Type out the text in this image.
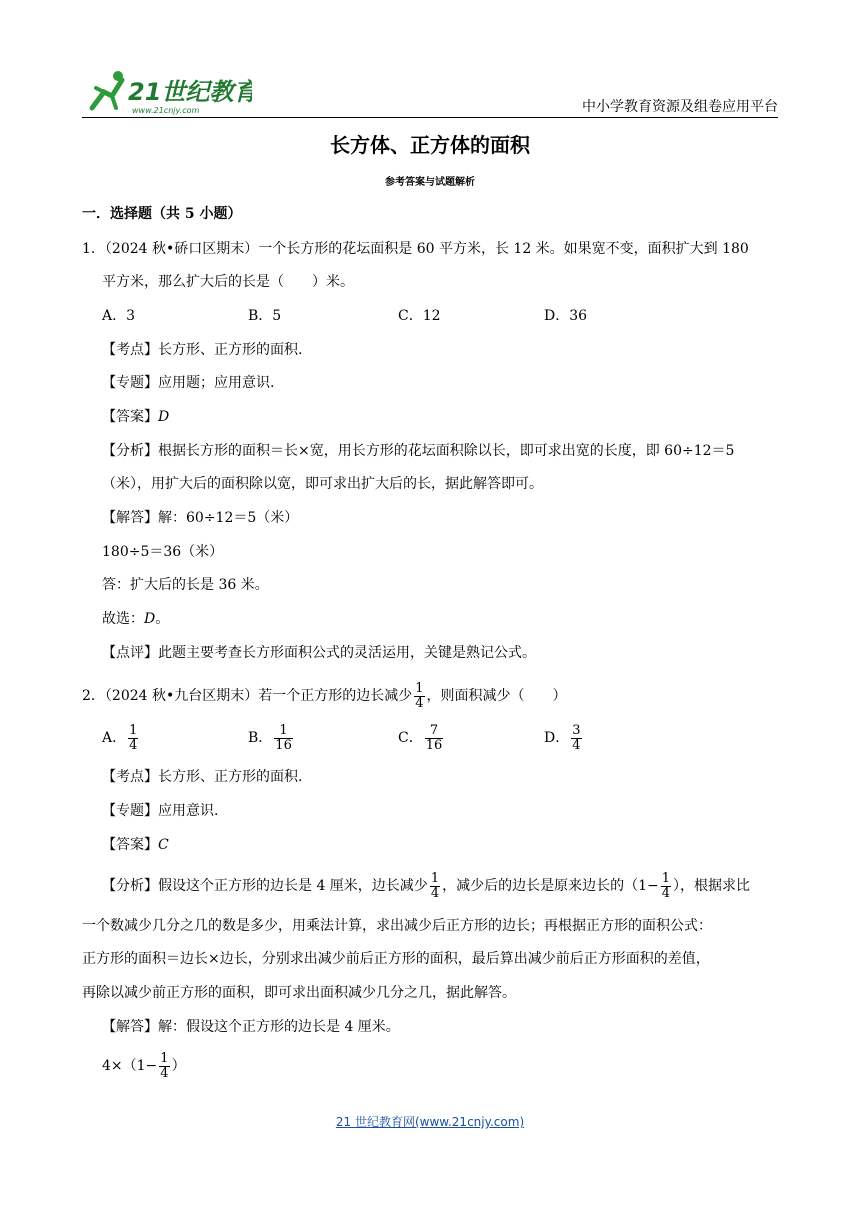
21世纪教育
www.21cnjy.com	中小学教育资源及组卷应用平台
长方体、正方体的面积
参考答案与试题解析
一．选择题（共 5 小题）
1．（2024 秋•硚口区期末）一个长方形的花坛面积是 60 平方米，长 12 米。如果宽不变，面积扩大到 180
平方米，那么扩大后的长是（　　）米。
A．3	B．5	C．12	D．36
【考点】长方形、正方形的面积.
【专题】应用题；应用意识.
【答案】D
【分析】根据长方形的面积＝长×宽，用长方形的花坛面积除以长，即可求出宽的长度，即 60÷12＝5
（米），用扩大后的面积除以宽，即可求出扩大后的长，据此解答即可。
【解答】解：60÷12＝5（米）
180÷5＝36（米）
答：扩大后的长是 36 米。
故选：D。
【点评】此题主要考查长方形面积公式的灵活运用，关键是熟记公式。
2．（2024 秋•九台区期末）若一个正方形的边长减少 $\frac{1}{4}$ ，则面积减少（　　）
A． $\frac{1}{4}$	B． $\frac{1}{16}$	C． $\frac{7}{16}$	D． $\frac{3}{4}$
【考点】长方形、正方形的面积.
【专题】应用意识.
【答案】C
【分析】假设这个正方形的边长是 4 厘米，边长减少 $\frac{1}{4}$ ，减少后的边长是原来边长的（$1- \frac{1}{4}$ ），根据求比
一个数减少几分之几的数是多少，用乘法计算，求出减少后正方形的边长；再根据正方形的面积公式：
正方形的面积＝边长×边长，分别求出减少前后正方形的面积，最后算出减少前后正方形面积的差值，
再除以减少前正方形的面积，即可求出面积减少几分之几，据此解答。
【解答】解：假设这个正方形的边长是 4 厘米。
$4\times(1- \frac{1}{4}$ ）
21 世纪教育网(www.21cnjy.com)
